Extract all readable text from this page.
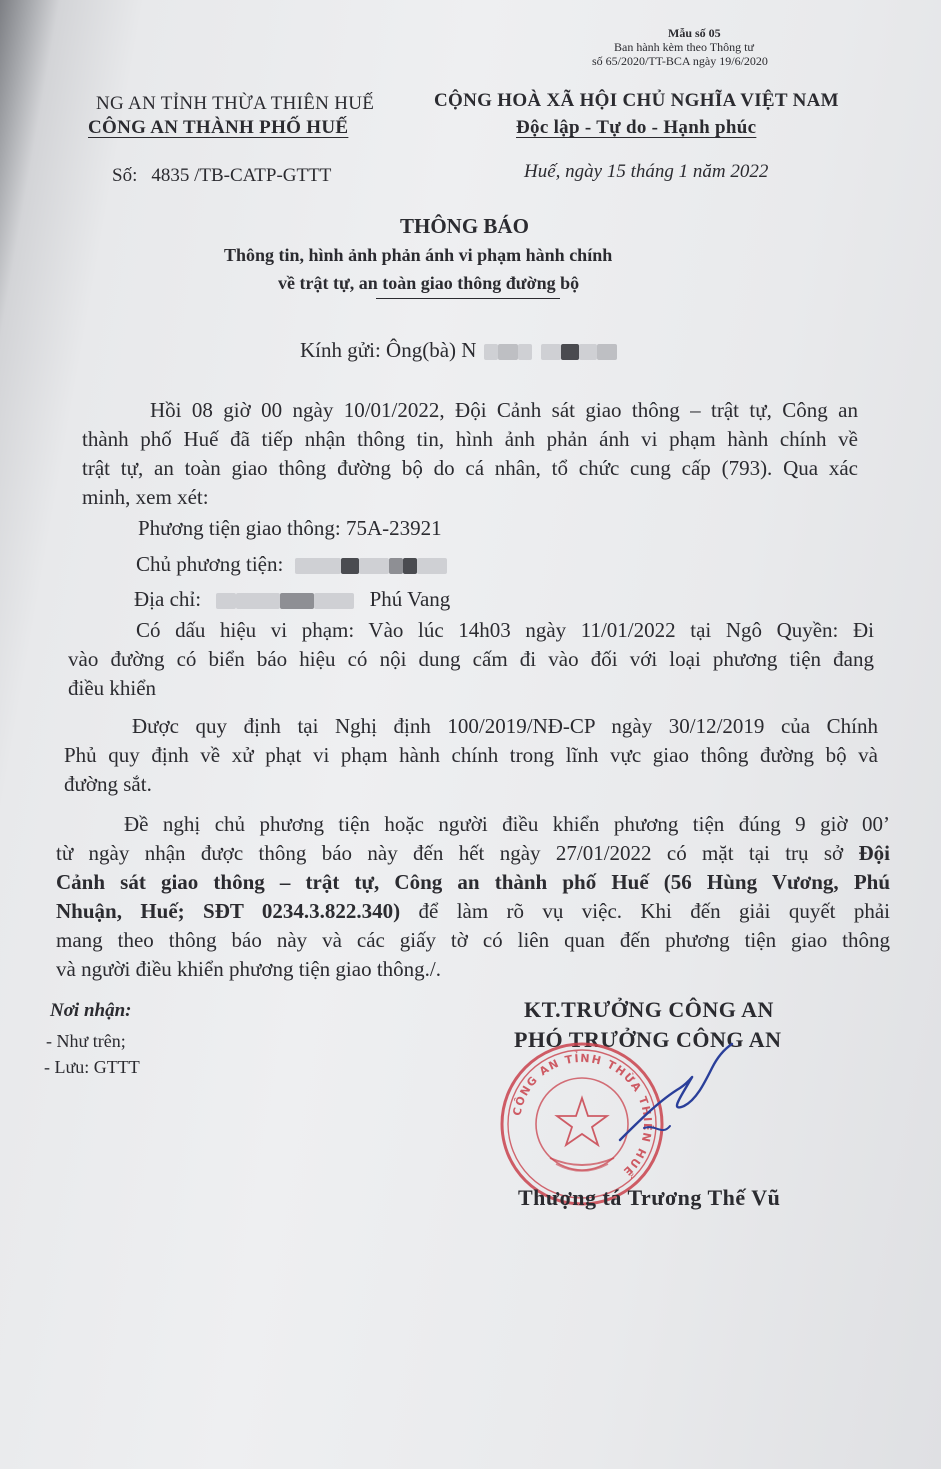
Mẫu số 05
Ban hành kèm theo Thông tư
số 65/2020/TT-BCA ngày 19/6/2020
NG AN TỈNH THỪA THIÊN HUẾ
CÔNG AN THÀNH PHỐ HUẾ
Số: 4835 /TB-CATP-GTTT
CỘNG HOÀ XÃ HỘI CHỦ NGHĨA VIỆT NAM
Độc lập - Tự do - Hạnh phúc
Huế, ngày 15 tháng 1 năm 2022
THÔNG BÁO
Thông tin, hình ảnh phản ánh vi phạm hành chính
về trật tự, an toàn giao thông đường bộ
Kính gửi: Ông(bà) N
Hồi 08 giờ 00 ngày 10/01/2022, Đội Cảnh sát giao thông – trật tự, Công an
thành phố Huế đã tiếp nhận thông tin, hình ảnh phản ánh vi phạm hành chính về
trật tự, an toàn giao thông đường bộ do cá nhân, tổ chức cung cấp (793). Qua xác
minh, xem xét:
Phương tiện giao thông: 75A-23921
Chủ phương tiện:
Địa chỉ:	Phú Vang
Có dấu hiệu vi phạm: Vào lúc 14h03 ngày 11/01/2022 tại Ngô Quyền: Đi
vào đường có biển báo hiệu có nội dung cấm đi vào đối với loại phương tiện đang
điều khiển
Được quy định tại Nghị định 100/2019/NĐ-CP ngày 30/12/2019 của Chính
Phủ quy định về xử phạt vi phạm hành chính trong lĩnh vực giao thông đường bộ và
đường sắt.
Đề nghị chủ phương tiện hoặc người điều khiển phương tiện đúng 9 giờ 00’
từ ngày nhận được thông báo này đến hết ngày 27/01/2022 có mặt tại trụ sở Đội
Cảnh sát giao thông – trật tự, Công an thành phố Huế (56 Hùng Vương, Phú
Nhuận, Huế; SĐT 0234.3.822.340) để làm rõ vụ việc. Khi đến giải quyết phải
mang theo thông báo này và các giấy tờ có liên quan đến phương tiện giao thông
và người điều khiển phương tiện giao thông./.
Nơi nhận:
- Như trên;
- Lưu: GTTT
KT.TRƯỞNG CÔNG AN
PHÓ TRƯỞNG CÔNG AN
CÔNG AN TỈNH THỪA THIÊN HUẾ
Thượng tá Trương Thế Vũ
